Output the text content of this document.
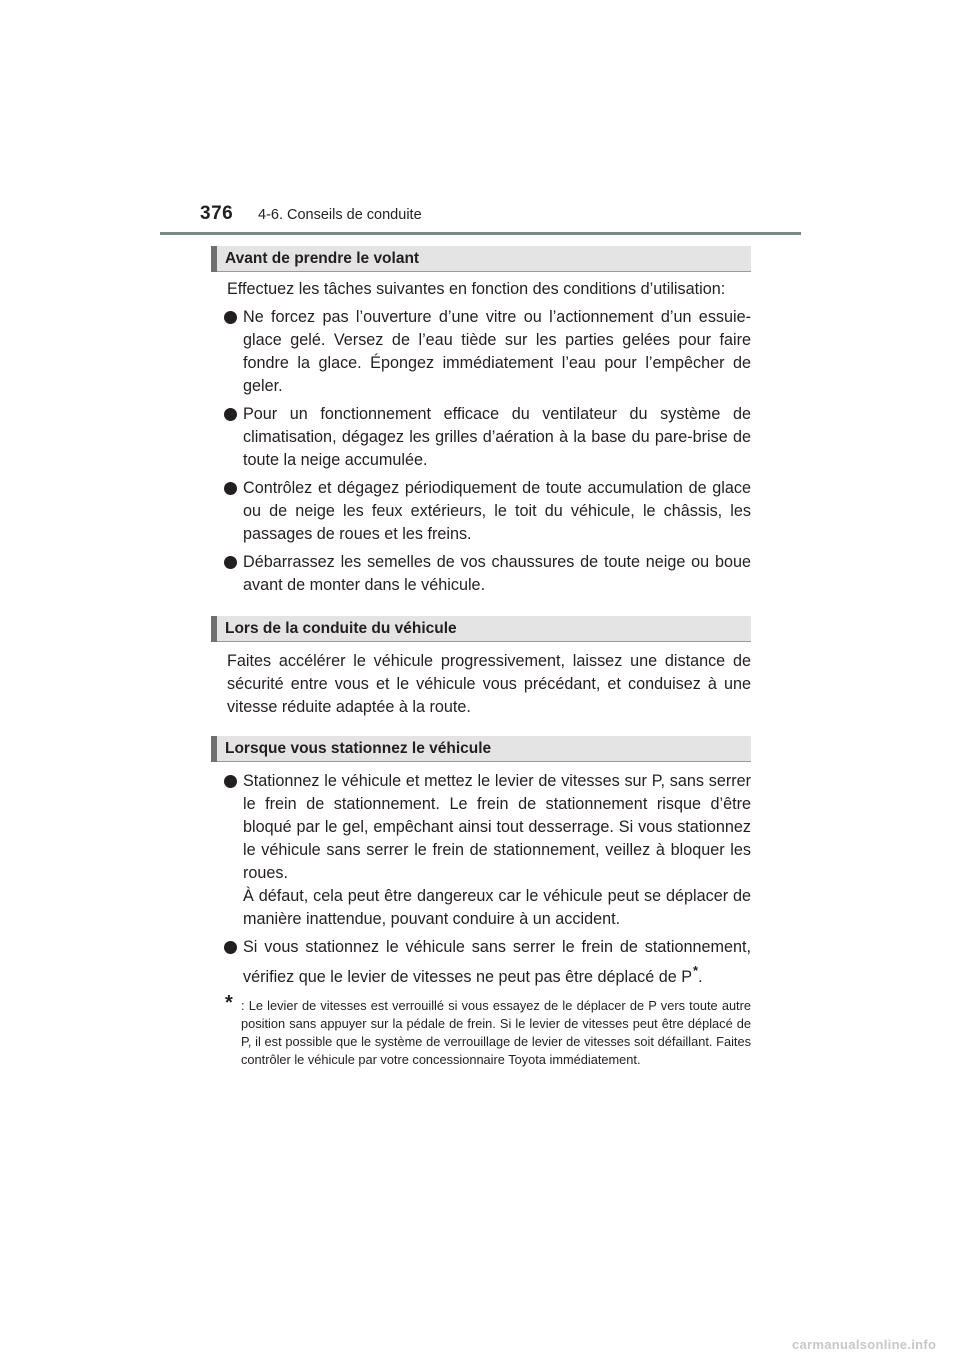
376 4-6. Conseils de conduite
Avant de prendre le volant
Effectuez les tâches suivantes en fonction des conditions d’utilisation:

Ne forcez pas l’ouverture d’une vitre ou l’actionnement d’un essuie-glace gelé. Versez de l’eau tiède sur les parties gelées pour faire fondre la glace. Épongez immédiatement l’eau pour l’empêcher de geler.

Pour un fonctionnement efficace du ventilateur du système de climatisation, dégagez les grilles d’aération à la base du pare-brise de toute la neige accumulée.

Contrôlez et dégagez périodiquement de toute accumulation de glace ou de neige les feux extérieurs, le toit du véhicule, le châssis, les passages de roues et les freins.

Débarrassez les semelles de vos chaussures de toute neige ou boue avant de monter dans le véhicule.

Lors de la conduite du véhicule
Faites accélérer le véhicule progressivement, laissez une distance de sécurité entre vous et le véhicule vous précédant, et conduisez à une vitesse réduite adaptée à la route.
Lorsque vous stationnez le véhicule

Stationnez le véhicule et mettez le levier de vitesses sur P, sans serrer le frein de stationnement. Le frein de stationnement risque d’être bloqué par le gel, empêchant ainsi tout desserrage. Si vous stationnez le véhicule sans serrer le frein de stationnement, veillez à bloquer les roues.

À défaut, cela peut être dangereux car le véhicule peut se déplacer de manière inattendue, pouvant conduire à un accident.

Si vous stationnez le véhicule sans serrer le frein de stationnement, vérifiez que le levier de vitesses ne peut pas être déplacé de P*.

* : Le levier de vitesses est verrouillé si vous essayez de le déplacer de P vers toute autre position sans appuyer sur la pédale de frein. Si le levier de vitesses peut être déplacé de P, il est possible que le système de verrouillage de levier de vitesses soit défaillant. Faites contrôler le véhicule par votre concessionnaire Toyota immédiatement.
carmanualsonline.info
